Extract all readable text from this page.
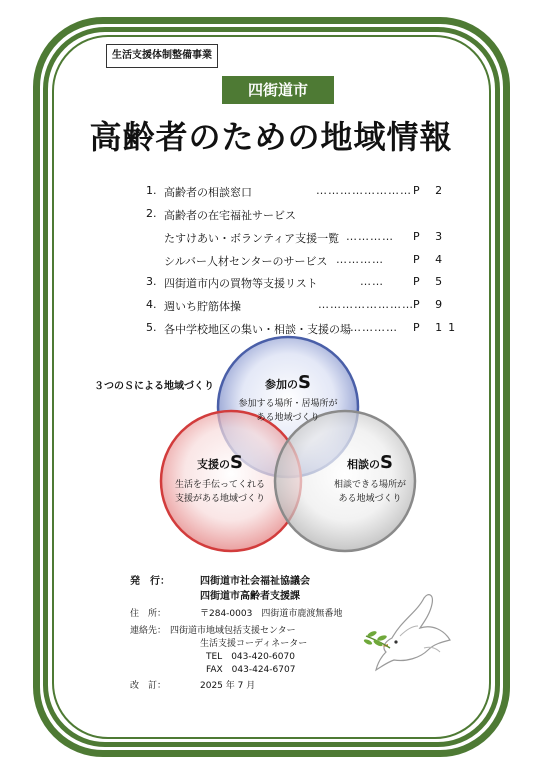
生活支援体制整備事業
四街道市
高齢者のための地域情報
1. 高齢者の相談窓口	…………………… P 2
2. 高齢者の在宅福祉サービス
たすけあい・ボランティア支援一覧 ………… P 3
シルバー人材センターのサービス …………	P 4
3. 四街道市内の買物等支援リスト	……	P 5
4. 週いち貯筋体操	…………………… P 9
5. 各中学校地区の集い・相談・支援の場 ………… P 11
３つのＳによる地域づくり	参加のS
参加する場所・居場所が
ある地域づくり
支援のS
生活を手伝ってくれる
支援がある地域づくり
相談のS
相談できる場所が
ある地域づくり
発　行：	四街道市社会福祉協議会
四街道市高齢者支援課
住　所：	〒284-0003　四街道市鹿渡無番地
連絡先： 四街道市地域包括支援センター
生活支援コーディネーター
TEL　043-420-6070
FAX　043-424-6707
改　訂：	2025 年 7 月
